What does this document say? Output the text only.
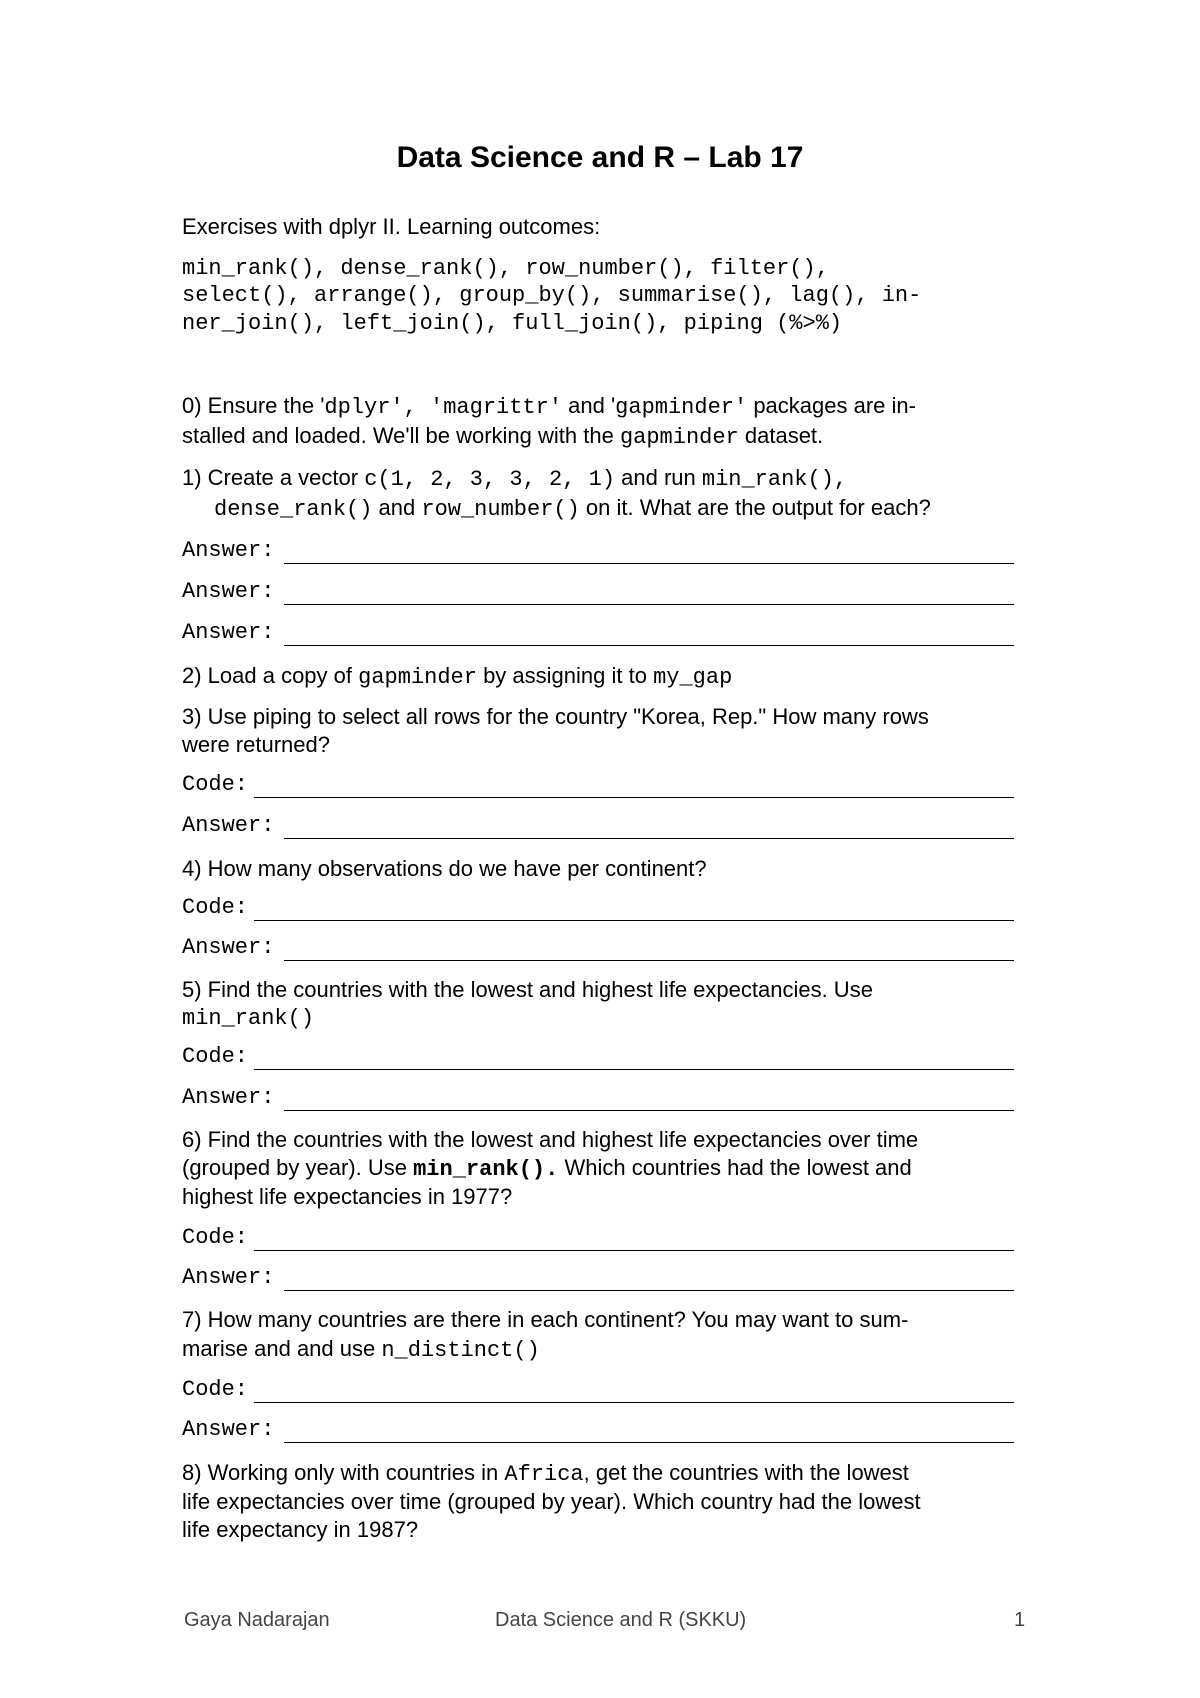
Data Science and R – Lab 17
Exercises with dplyr II. Learning outcomes:
min_rank(), dense_rank(), row_number(), filter(),
select(), arrange(), group_by(), summarise(), lag(), in-
ner_join(), left_join(), full_join(), piping (%>%)
0) Ensure the 'dplyr', 'magrittr' and 'gapminder' packages are in-
stalled and loaded. We'll be working with the gapminder dataset.
1) Create a vector c(1, 2, 3, 3, 2, 1) and run min_rank(),
dense_rank() and row_number() on it. What are the output for each?
Answer:
Answer:
Answer:
2) Load a copy of gapminder by assigning it to my_gap
3) Use piping to select all rows for the country "Korea, Rep." How many rows
were returned?
Code:
Answer:
4) How many observations do we have per continent?
Code:
Answer:
5) Find the countries with the lowest and highest life expectancies. Use
min_rank()
Code:
Answer:
6) Find the countries with the lowest and highest life expectancies over time
(grouped by year). Use min_rank(). Which countries had the lowest and
highest life expectancies in 1977?
Code:
Answer:
7) How many countries are there in each continent? You may want to sum-
marise and and use n_distinct()
Code:
Answer:
8) Working only with countries in Africa, get the countries with the lowest
life expectancies over time (grouped by year). Which country had the lowest
life expectancy in 1987?
Gaya Nadarajan	Data Science and R (SKKU)	1
